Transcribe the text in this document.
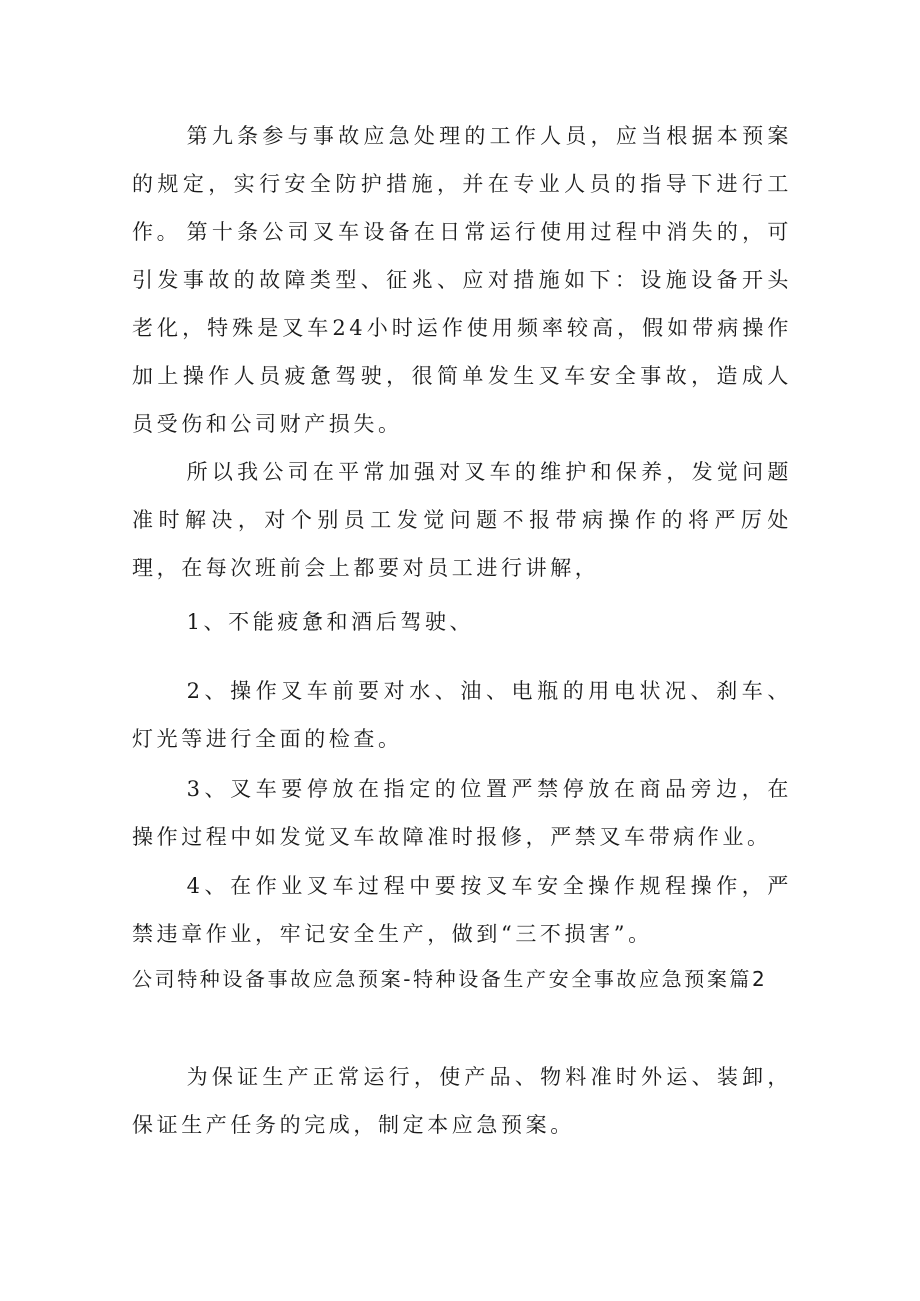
第九条参与事故应急处理的工作人员，应当根据本预案的规定，实行安全防护措施，并在专业人员的指导下进行工作。 第十条公司叉车设备在日常运行使用过程中消失的，可引发事故的故障类型、征兆、应对措施如下：设施设备开头老化，特殊是叉车24小时运作使用频率较高，假如带病操作加上操作人员疲惫驾驶，很简单发生叉车安全事故，造成人员受伤和公司财产损失。

所以我公司在平常加强对叉车的维护和保养，发觉问题准时解决，对个别员工发觉问题不报带病操作的将严厉处理，在每次班前会上都要对员工进行讲解，

1、不能疲惫和酒后驾驶、

2、操作叉车前要对水、油、电瓶的用电状况、刹车、灯光等进行全面的检查。

3、叉车要停放在指定的位置严禁停放在商品旁边，在操作过程中如发觉叉车故障准时报修，严禁叉车带病作业。

4、在作业叉车过程中要按叉车安全操作规程操作，严禁违章作业，牢记安全生产，做到“三不损害”。

公司特种设备事故应急预案-特种设备生产安全事故应急预案篇2

为保证生产正常运行，使产品、物料准时外运、装卸，保证生产任务的完成，制定本应急预案。
